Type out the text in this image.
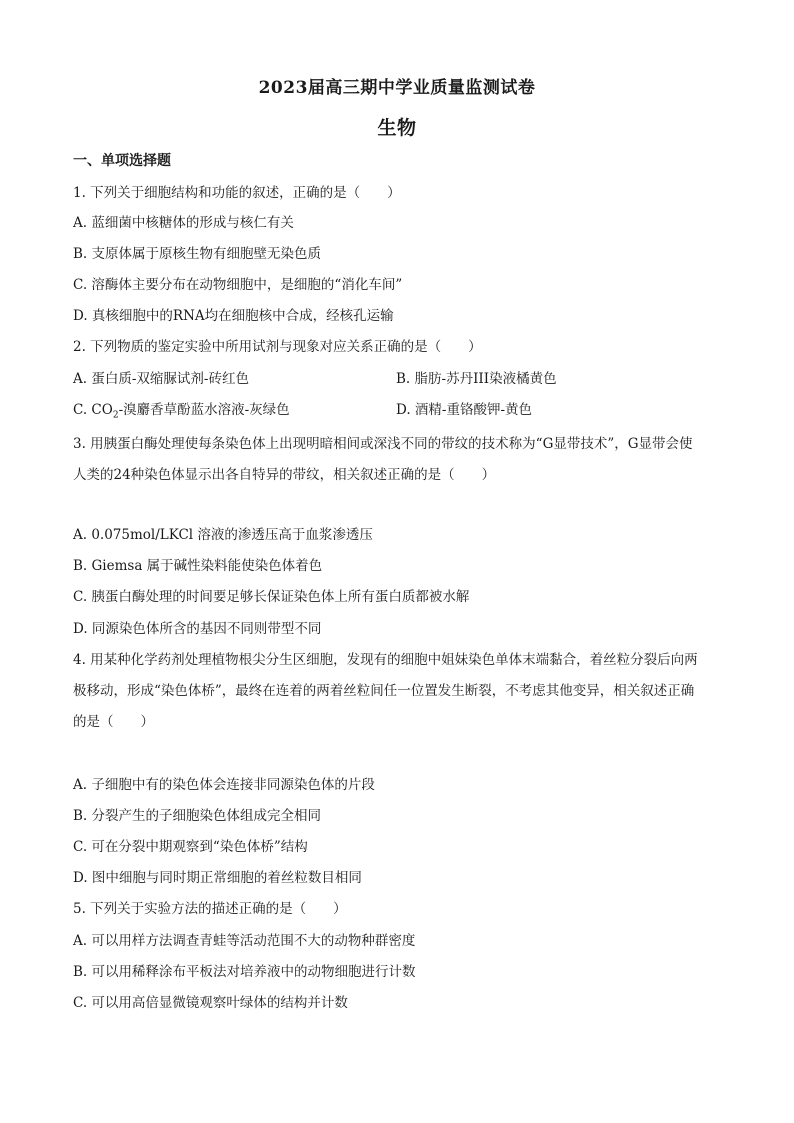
2023届高三期中学业质量监测试卷
生物
一、单项选择题
1. 下列关于细胞结构和功能的叙述，正确的是（　　）
A. 蓝细菌中核糖体的形成与核仁有关
B. 支原体属于原核生物有细胞壁无染色质
C. 溶酶体主要分布在动物细胞中，是细胞的“消化车间”
D. 真核细胞中的RNA均在细胞核中合成，经核孔运输
2. 下列物质的鉴定实验中所用试剂与现象对应关系正确的是（　　）
A. 蛋白质-双缩脲试剂-砖红色	B. 脂肪-苏丹III染液橘黄色
C. $CO_2-$溴麝香草酚蓝水溶液-灰绿色	D. 酒精-重铬酸钾-黄色
3. 用胰蛋白酶处理使每条染色体上出现明暗相间或深浅不同的带纹的技术称为“G显带技术”，G显带会使
人类的24种染色体显示出各自特异的带纹，相关叙述正确的是（　　）
A. 0.075mol/LKCl 溶液的渗透压高于血浆渗透压
B. Giemsa 属于碱性染料能使染色体着色
C. 胰蛋白酶处理的时间要足够长保证染色体上所有蛋白质都被水解
D. 同源染色体所含的基因不同则带型不同
4. 用某种化学药剂处理植物根尖分生区细胞，发现有的细胞中姐妹染色单体末端黏合，着丝粒分裂后向两
极移动，形成“染色体桥”，最终在连着的两着丝粒间任一位置发生断裂，不考虑其他变异，相关叙述正确
的是（　　）
A. 子细胞中有的染色体会连接非同源染色体的片段
B. 分裂产生的子细胞染色体组成完全相同
C. 可在分裂中期观察到“染色体桥”结构
D. 图中细胞与同时期正常细胞的着丝粒数目相同
5. 下列关于实验方法的描述正确的是（　　）
A. 可以用样方法调查青蛙等活动范围不大的动物种群密度
B. 可以用稀释涂布平板法对培养液中的动物细胞进行计数
C. 可以用高倍显微镜观察叶绿体的结构并计数
